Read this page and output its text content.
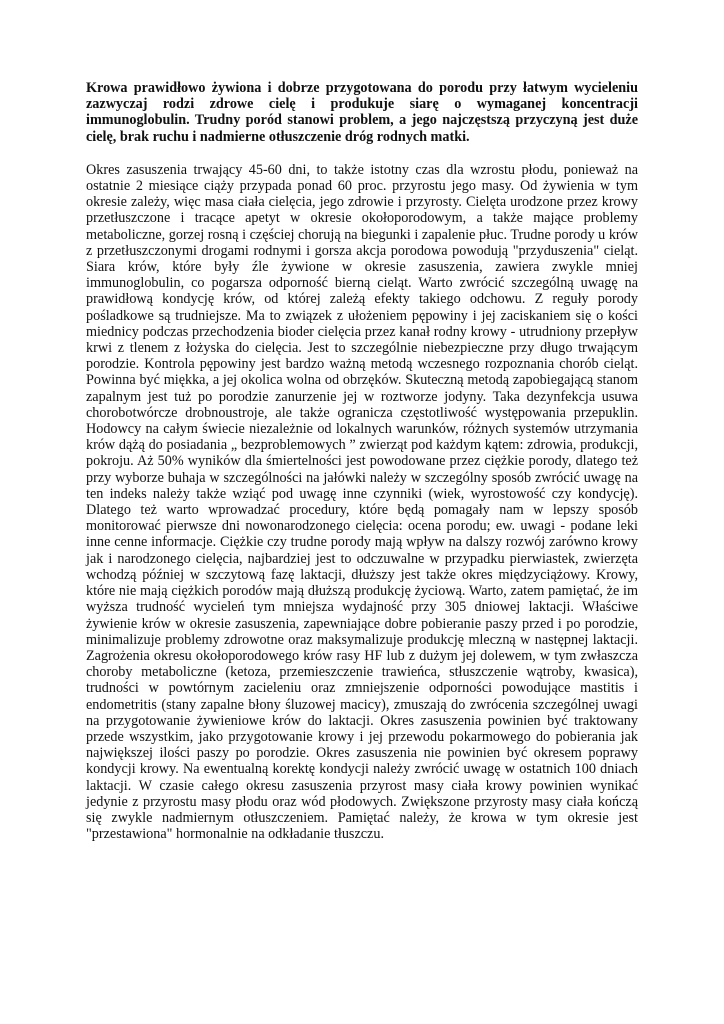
Krowa prawidłowo żywiona i dobrze przygotowana do porodu przy łatwym wycieleniu zazwyczaj rodzi zdrowe cielę i produkuje siarę o wymaganej koncentracji immunoglobulin. Trudny poród stanowi problem, a jego najczęstszą przyczyną jest duże cielę, brak ruchu i nadmierne otłuszczenie dróg rodnych matki.

Okres zasuszenia trwający 45-60 dni, to także istotny czas dla wzrostu płodu, ponieważ na ostatnie 2 miesiące ciąży przypada ponad 60 proc. przyrostu jego masy. Od żywienia w tym okresie zależy, więc masa ciała cielęcia, jego zdrowie i przyrosty. Cielęta urodzone przez krowy przetłuszczone i tracące apetyt w okresie okołoporodowym, a także mające problemy metaboliczne, gorzej rosną i częściej chorują na biegunki i zapalenie płuc. Trudne porody u krów z przetłuszczonymi drogami rodnymi i gorsza akcja porodowa powodują "przyduszenia" cieląt. Siara krów, które były źle żywione w okresie zasuszenia, zawiera zwykle mniej immunoglobulin, co pogarsza odporność bierną cieląt. Warto zwrócić szczególną uwagę na prawidłową kondycję krów, od której zależą efekty takiego odchowu. Z reguły porody pośladkowe są trudniejsze. Ma to związek z ułożeniem pępowiny i jej zaciskaniem się o kości miednicy podczas przechodzenia bioder cielęcia przez kanał rodny krowy - utrudniony przepływ krwi z tlenem z łożyska do cielęcia. Jest to szczególnie niebezpieczne przy długo trwającym porodzie. Kontrola pępowiny jest bardzo ważną metodą wczesnego rozpoznania chorób cieląt. Powinna być miękka, a jej okolica wolna od obrzęków. Skuteczną metodą zapobiegającą stanom zapalnym jest tuż po porodzie zanurzenie jej w roztworze jodyny. Taka dezynfekcja usuwa chorobotwórcze drobnoustroje, ale także ogranicza częstotliwość występowania przepuklin. Hodowcy na całym świecie niezależnie od lokalnych warunków, różnych systemów utrzymania krów dążą do posiadania „ bezproblemowych ” zwierząt pod każdym kątem: zdrowia, produkcji, pokroju. Aż 50% wyników dla śmiertelności jest powodowane przez ciężkie porody, dlatego też przy wyborze buhaja w szczególności na jałówki należy w szczególny sposób zwrócić uwagę na ten indeks należy także wziąć pod uwagę inne czynniki (wiek, wyrostowość czy kondycję). Dlatego też warto wprowadzać procedury, które będą pomagały nam w lepszy sposób monitorować pierwsze dni nowonarodzonego cielęcia: ocena porodu; ew. uwagi - podane leki inne cenne informacje. Ciężkie czy trudne porody mają wpływ na dalszy rozwój zarówno krowy jak i narodzonego cielęcia, najbardziej jest to odczuwalne w przypadku pierwiastek, zwierzęta wchodzą później w szczytową fazę laktacji, dłuższy jest także okres międzyciążowy. Krowy, które nie mają ciężkich porodów mają dłuższą produkcję życiową. Warto, zatem pamiętać, że im wyższa trudność wycieleń tym mniejsza wydajność przy 305 dniowej laktacji. Właściwe żywienie krów w okresie zasuszenia, zapewniające dobre pobieranie paszy przed i po porodzie, minimalizuje problemy zdrowotne oraz maksymalizuje produkcję mleczną w następnej laktacji. Zagrożenia okresu okołoporodowego krów rasy HF lub z dużym jej dolewem, w tym zwłaszcza choroby metaboliczne (ketoza, przemieszczenie trawieńca, stłuszczenie wątroby, kwasica), trudności w powtórnym zacieleniu oraz zmniejszenie odporności powodujące mastitis i endometritis (stany zapalne błony śluzowej macicy), zmuszają do zwrócenia szczególnej uwagi na przygotowanie żywieniowe krów do laktacji. Okres zasuszenia powinien być traktowany przede wszystkim, jako przygotowanie krowy i jej przewodu pokarmowego do pobierania jak największej ilości paszy po porodzie. Okres zasuszenia nie powinien być okresem poprawy kondycji krowy. Na ewentualną korektę kondycji należy zwrócić uwagę w ostatnich 100 dniach laktacji. W czasie całego okresu zasuszenia przyrost masy ciała krowy powinien wynikać jedynie z przyrostu masy płodu oraz wód płodowych. Zwiększone przyrosty masy ciała kończą się zwykle nadmiernym otłuszczeniem. Pamiętać należy, że krowa w tym okresie jest "przestawiona" hormonalnie na odkładanie tłuszczu.
